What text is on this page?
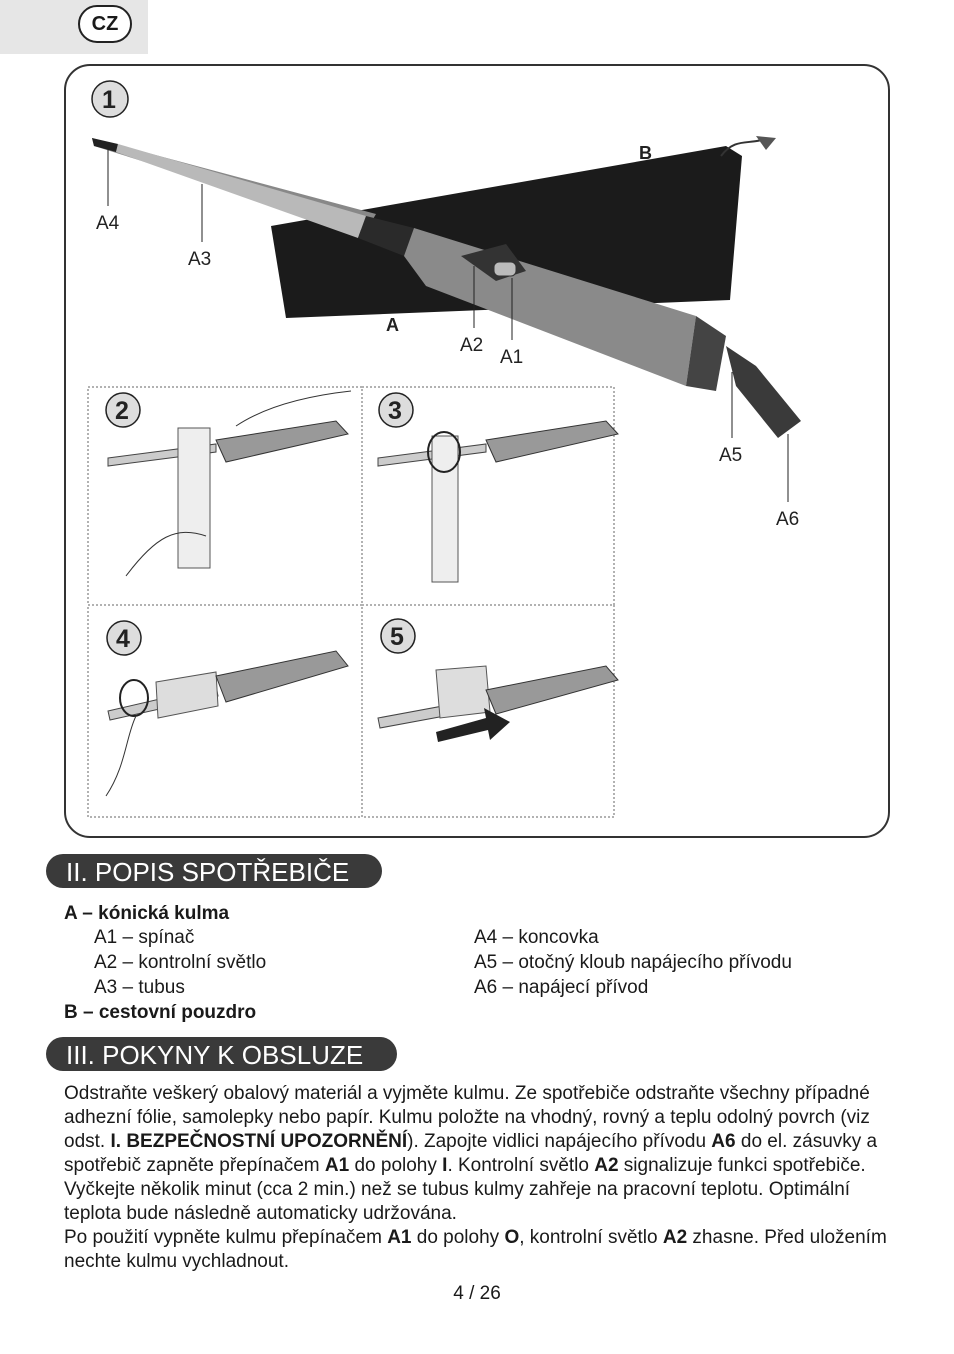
CZ
1
B
A
A4
A3
A2
A1
A5
A6
2	3
4	5
II. POPIS SPOTŘEBIČE
A – kónická kulma
A1 – spínač
A2 – kontrolní světlo
A3 – tubus
A4 – koncovka
A5 – otočný kloub napájecího přívodu
A6 – napájecí přívod
B – cestovní pouzdro
III. POKYNY K OBSLUZE
Odstraňte veškerý obalový materiál a vyjměte kulmu. Ze spotřebiče odstraňte všechny případné adhezní fólie, samolepky nebo papír. Kulmu položte na vhodný, rovný a teplu odolný povrch (viz odst. I. BEZPEČNOSTNÍ UPOZORNĚNÍ). Zapojte vidlici napájecího přívodu A6 do el. zásuvky a spotřebič zapněte přepínačem A1 do polohy I. Kontrolní světlo A2 signalizuje funkci spotřebiče. Vyčkejte několik minut (cca 2 min.) než se tubus kulmy zahřeje na pracovní teplotu. Optimální teplota bude následně automaticky udržována.
Po použití vypněte kulmu přepínačem A1 do polohy O, kontrolní světlo A2 zhasne. Před uložením nechte kulmu vychladnout.
4 / 26
